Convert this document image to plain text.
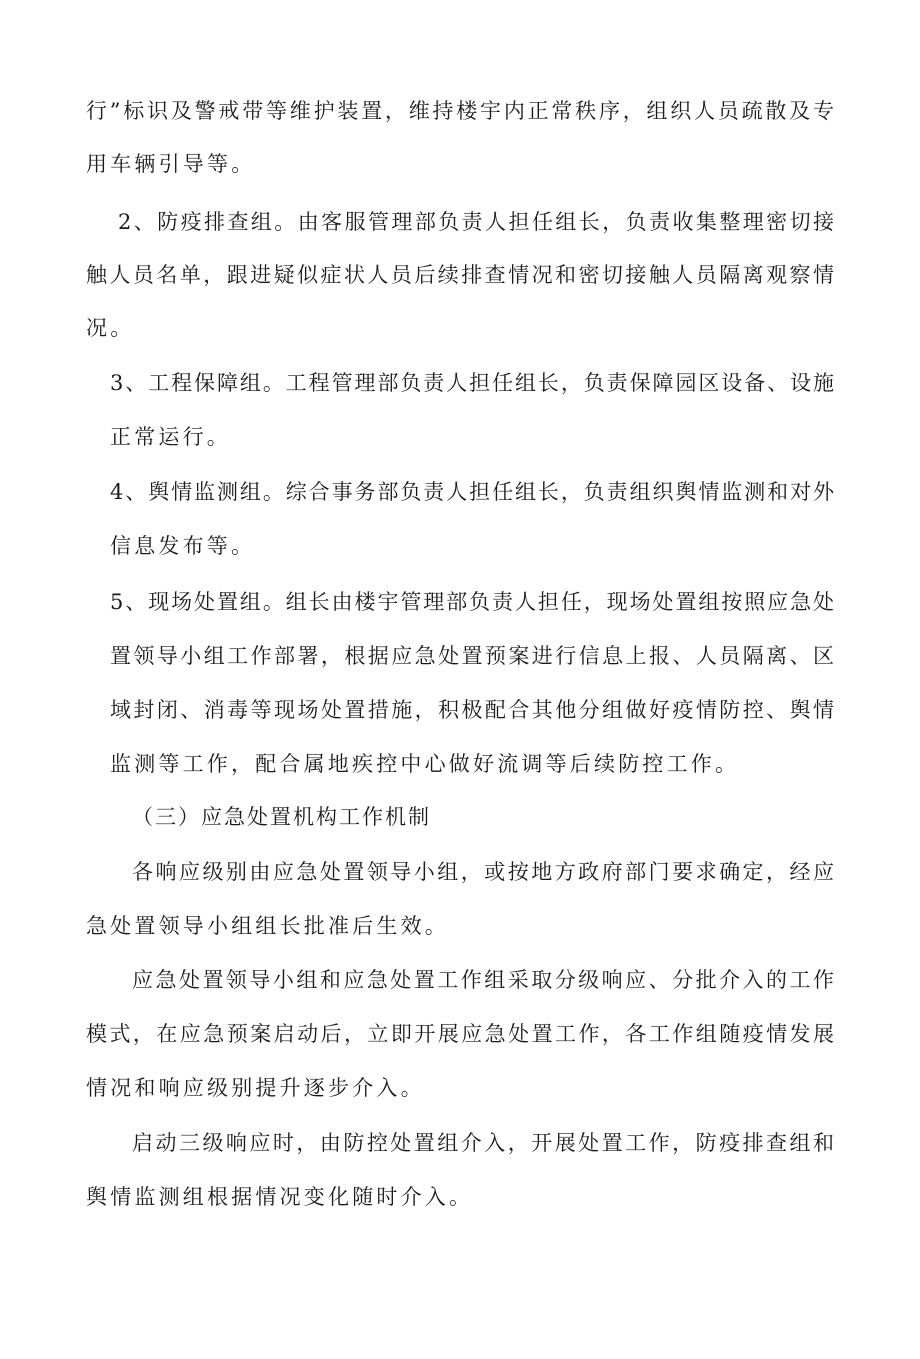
行”标识及警戒带等维护装置，维持楼宇内正常秩序，组织人员疏散及专
用车辆引导等。
2、防疫排查组。由客服管理部负责人担任组长，负责收集整理密切接
触人员名单，跟进疑似症状人员后续排查情况和密切接触人员隔离观察情
况。
3、工程保障组。工程管理部负责人担任组长，负责保障园区设备、设施
正常运行。
4、舆情监测组。综合事务部负责人担任组长，负责组织舆情监测和对外
信息发布等。
5、现场处置组。组长由楼宇管理部负责人担任，现场处置组按照应急处
置领导小组工作部署，根据应急处置预案进行信息上报、人员隔离、区
域封闭、消毒等现场处置措施，积极配合其他分组做好疫情防控、舆情
监测等工作，配合属地疾控中心做好流调等后续防控工作。
（三）应急处置机构工作机制
各响应级别由应急处置领导小组，或按地方政府部门要求确定，经应
急处置领导小组组长批准后生效。
应急处置领导小组和应急处置工作组采取分级响应、分批介入的工作
模式，在应急预案启动后，立即开展应急处置工作，各工作组随疫情发展
情况和响应级别提升逐步介入。
启动三级响应时，由防控处置组介入，开展处置工作，防疫排查组和
舆情监测组根据情况变化随时介入。
